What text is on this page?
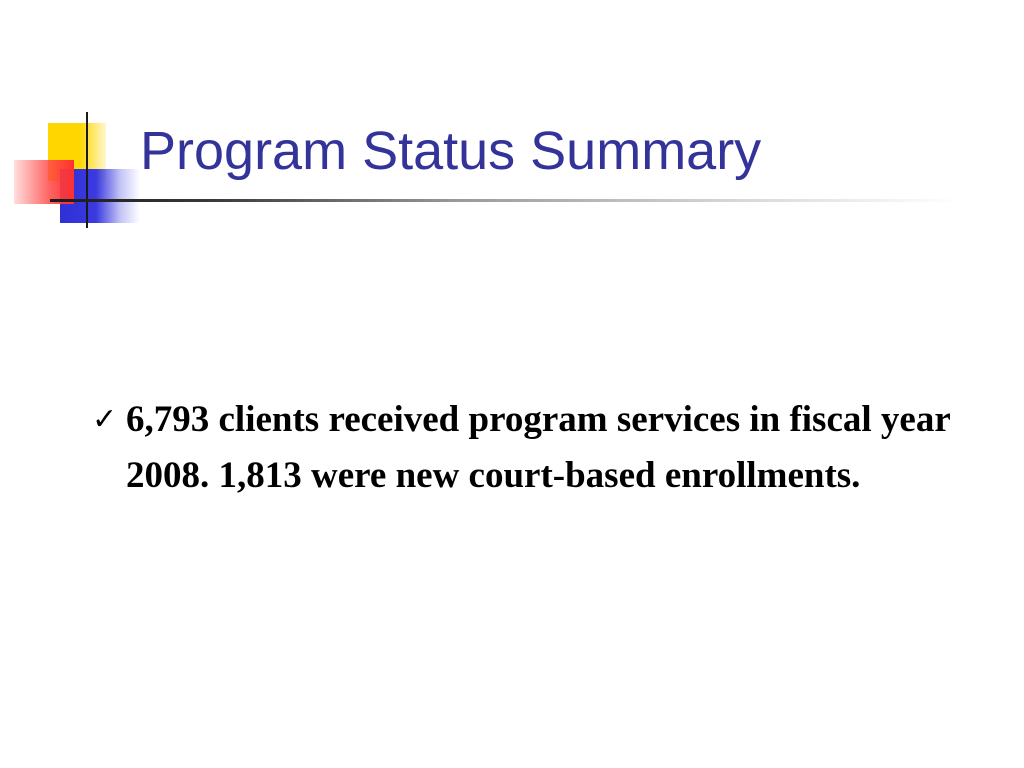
Program Status Summary
✓ 6,793 clients received program services in fiscal year 2008. 1,813 were new court-based enrollments.
